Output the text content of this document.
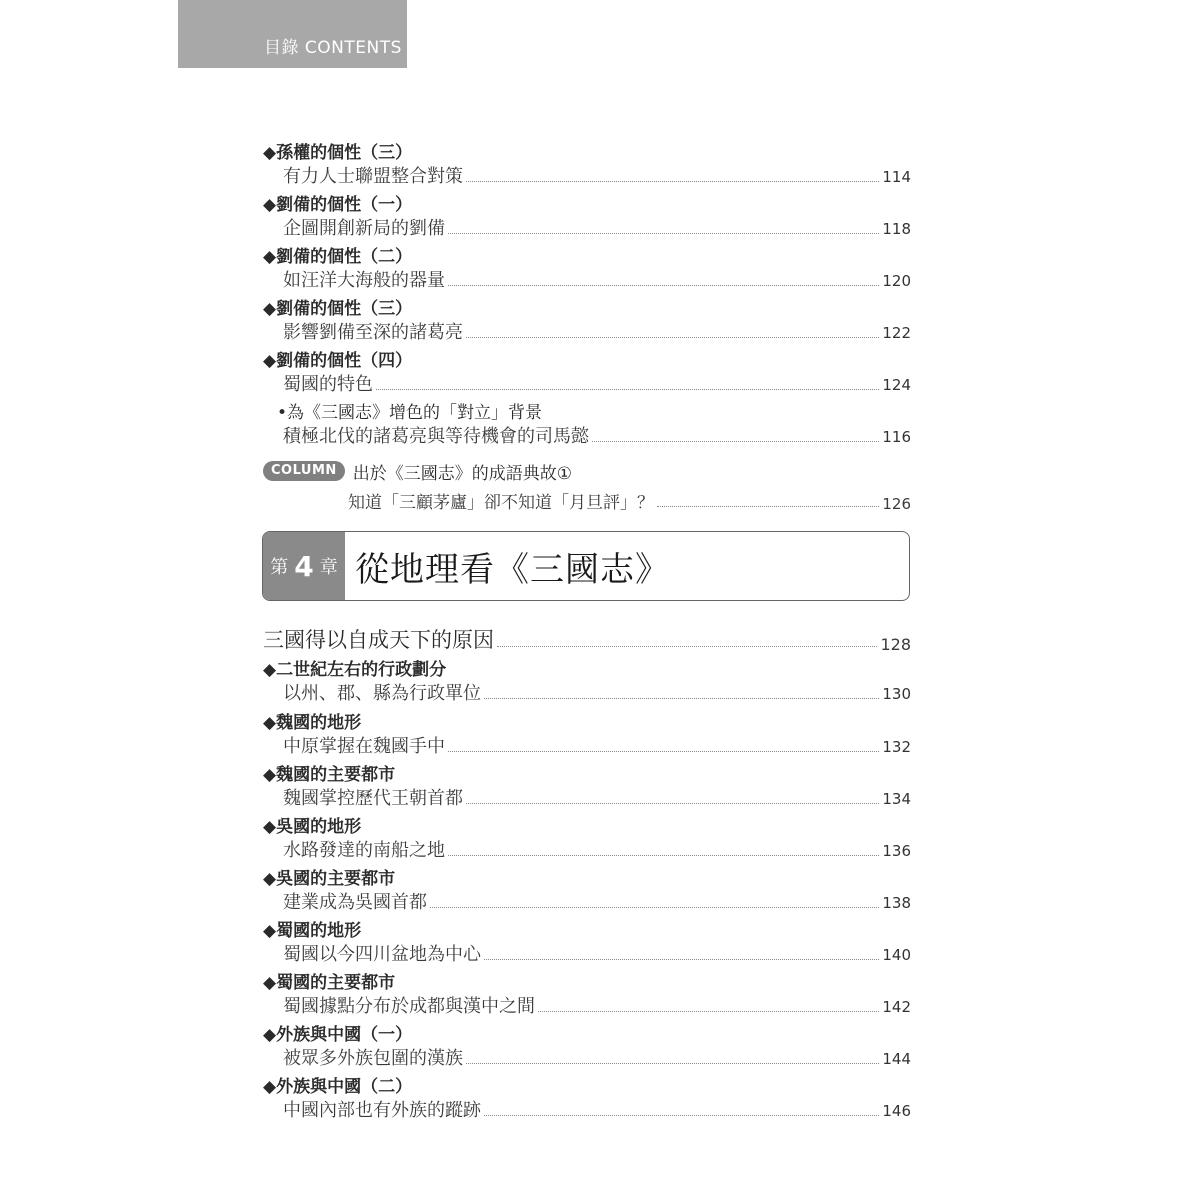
目錄 CONTENTS
◆孫權的個性（三）
有力人士聯盟整合對策	114
◆劉備的個性（一）
企圖開創新局的劉備	118
◆劉備的個性（二）
如汪洋大海般的器量	120
◆劉備的個性（三）
影響劉備至深的諸葛亮	122
◆劉備的個性（四）
蜀國的特色	124
•為《三國志》增色的「對立」背景
積極北伐的諸葛亮與等待機會的司馬懿	116
COLUMN 出於《三國志》的成語典故①
知道「三顧茅廬」卻不知道「月旦評」？	126
第 4 章 從地理看《三國志》
三國得以自成天下的原因	128
◆二世紀左右的行政劃分
以州、郡、縣為行政單位	130
◆魏國的地形
中原掌握在魏國手中	132
◆魏國的主要都市
魏國掌控歷代王朝首都	134
◆吳國的地形
水路發達的南船之地	136
◆吳國的主要都市
建業成為吳國首都	138
◆蜀國的地形
蜀國以今四川盆地為中心	140
◆蜀國的主要都市
蜀國據點分布於成都與漢中之間	142
◆外族與中國（一）
被眾多外族包圍的漢族	144
◆外族與中國（二）
中國內部也有外族的蹤跡	146
